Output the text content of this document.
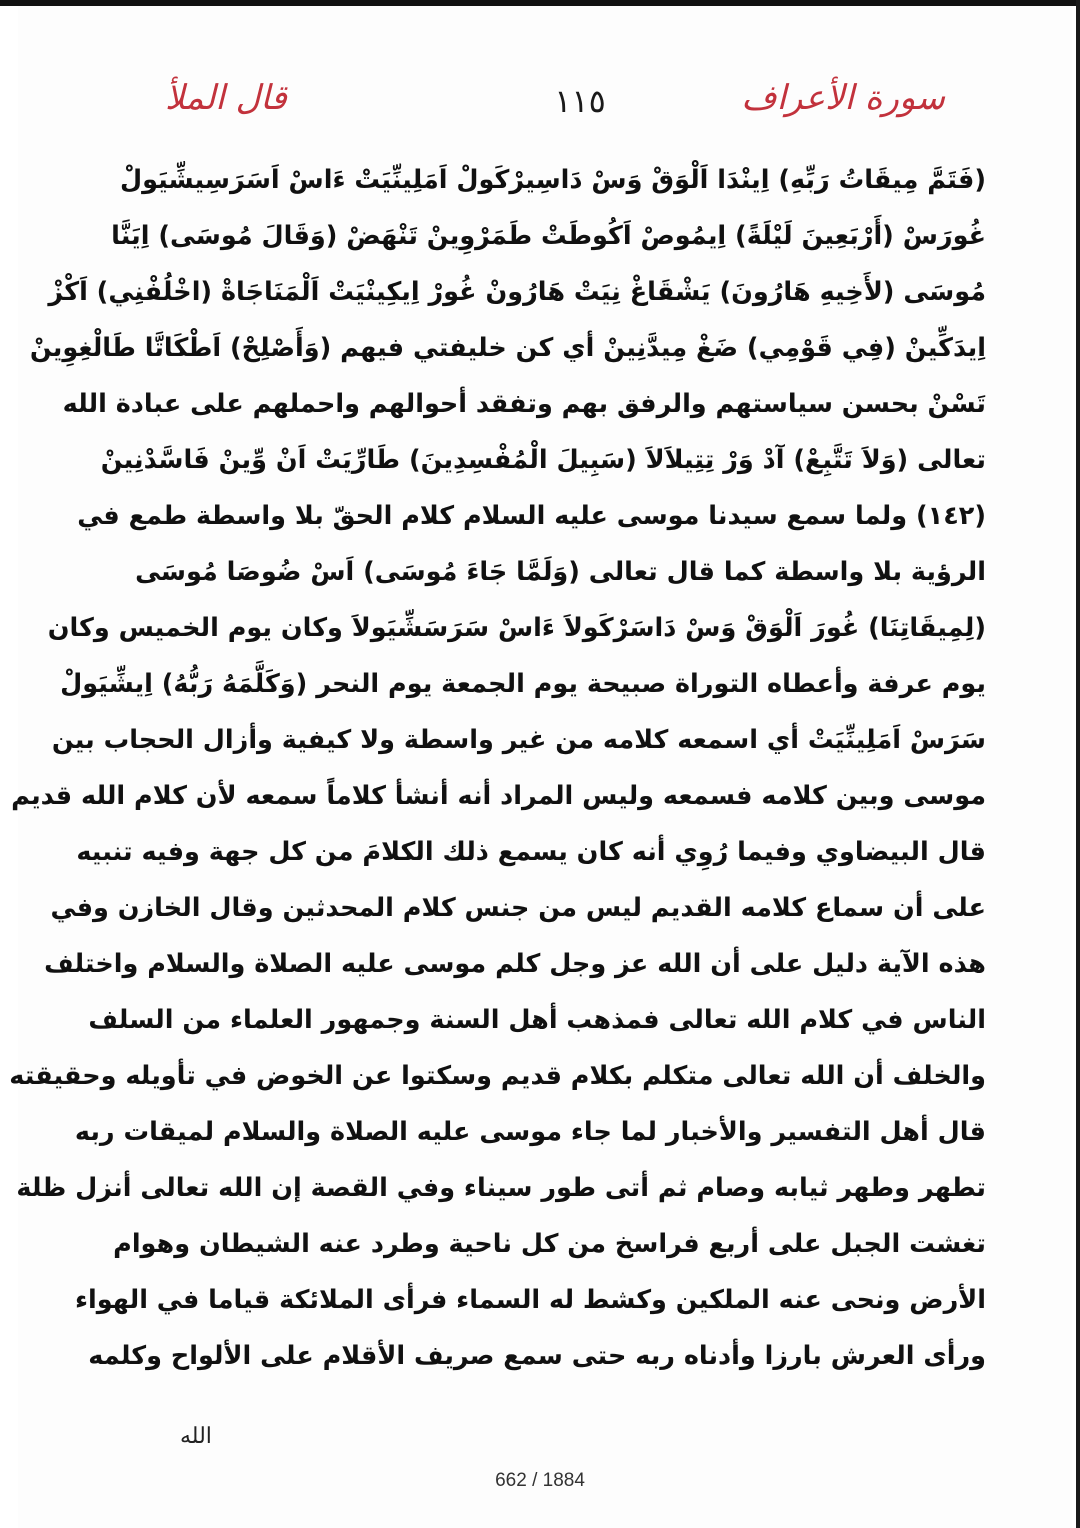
سورة الأعراف
١١٥
قال الملأ
(فَتَمَّ مِيقَاتُ رَبِّهِ) اِينْدَا اَلْوَقْ وَسْ دَاسِيرْكَولْ اَمَلِينِّيَتْ ءَاسْ اَسَرَسِيشِّيَولْ
غُورَسْ (أَرْبَعِينَ لَيْلَةً) اِيمُوصْ اَكُوطَتْ طَمَرْوِينْ تَنْهَضْ (وَقَالَ مُوسَى) اِيَنَّا
مُوسَى (لأَخِيهِ هَارُونَ) يَشْقَاغْ نِيَتْ هَارُونْ غُورْ اِيكِينْيَتْ اَلْمَنَاجَاةْ (اخْلُفْنِي) اَكْزْ
اِيدَكِّينْ (فِي قَوْمِي) ضَغْ مِيدَّنِينْ أي كن خليفتي فيهم (وَأَصْلِحْ) اَطْكَاتَّا طَالْغِوِينْ
تَسْنْ بحسن سياستهم والرفق بهم وتفقد أحوالهم واحملهم على عبادة الله
تعالى (وَلاَ تَتَّبِعْ) آدْ وَرْ تِتِيلاَلاَ (سَبِيلَ الْمُفْسِدِينَ) طَارِّيَتْ اَنْ وِّينْ فَاسَّدْنِينْ
(١٤٢) ولما سمع سيدنا موسى عليه السلام كلام الحقّ بلا واسطة طمع في
الرؤية بلا واسطة كما قال تعالى (وَلَمَّا جَاءَ مُوسَى) اَسْ ضُوصَا مُوسَى
(لِمِيقَاتِنَا) غُورَ اَلْوَقْ وَسْ دَاسَرْكَولاَ ءَاسْ سَرَسَشِّيَولاَ وكان يوم الخميس وكان
يوم عرفة وأعطاه التوراة صبيحة يوم الجمعة يوم النحر (وَكَلَّمَهُ رَبُّهُ) اِيشِّيَولْ
سَرَسْ اَمَلِينِّيَتْ أي اسمعه كلامه من غير واسطة ولا كيفية وأزال الحجاب بين
موسى وبين كلامه فسمعه وليس المراد أنه أنشأ كلاماً سمعه لأن كلام الله قديم
قال البيضاوي وفيما رُوِي أنه كان يسمع ذلك الكلامَ من كل جهة وفيه تنبيه
على أن سماع كلامه القديم ليس من جنس كلام المحدثين وقال الخازن وفي
هذه الآية دليل على أن الله عز وجل كلم موسى عليه الصلاة والسلام واختلف
الناس في كلام الله تعالى فمذهب أهل السنة وجمهور العلماء من السلف
والخلف أن الله تعالى متكلم بكلام قديم وسكتوا عن الخوض في تأويله وحقيقته
قال أهل التفسير والأخبار لما جاء موسى عليه الصلاة والسلام لميقات ربه
تطهر وطهر ثيابه وصام ثم أتى طور سيناء وفي القصة إن الله تعالى أنزل ظلة
تغشت الجبل على أربع فراسخ من كل ناحية وطرد عنه الشيطان وهوام
الأرض ونحى عنه الملكين وكشط له السماء فرأى الملائكة قياما في الهواء
ورأى العرش بارزا وأدناه ربه حتى سمع صريف الأقلام على الألواح وكلمه
الله
662 / 1884
